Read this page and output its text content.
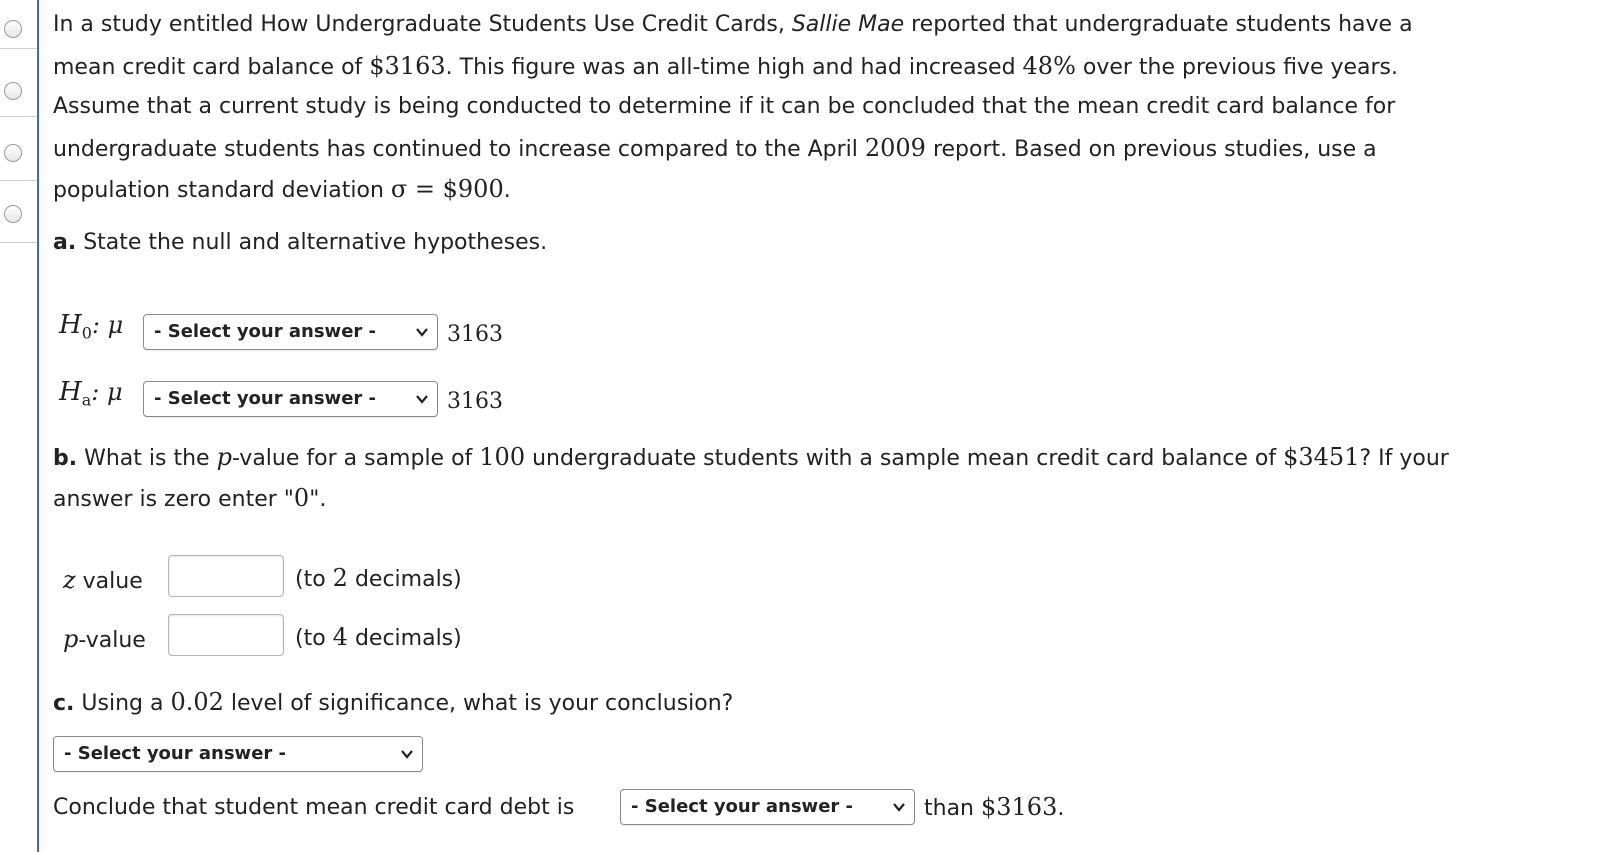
In a study entitled How Undergraduate Students Use Credit Cards, Sallie Mae reported that undergraduate students have a
mean credit card balance of $3163. This figure was an all-time high and had increased 48% over the previous five years.
Assume that a current study is being conducted to determine if it can be concluded that the mean credit card balance for
undergraduate students has continued to increase compared to the April 2009 report. Based on previous studies, use a
population standard deviation σ = $900.
a. State the null and alternative hypotheses.
$H_0$: μ	- Select your answer -	3163
$H_a$: μ	- Select your answer -	3163
b. What is the p-value for a sample of 100 undergraduate students with a sample mean credit card balance of $3451? If your
answer is zero enter "0".
z value	(to 2 decimals)
p-value	(to 4 decimals)
c. Using a 0.02 level of significance, what is your conclusion?
- Select your answer -
Conclude that student mean credit card debt is	- Select your answer -	than $3163.
